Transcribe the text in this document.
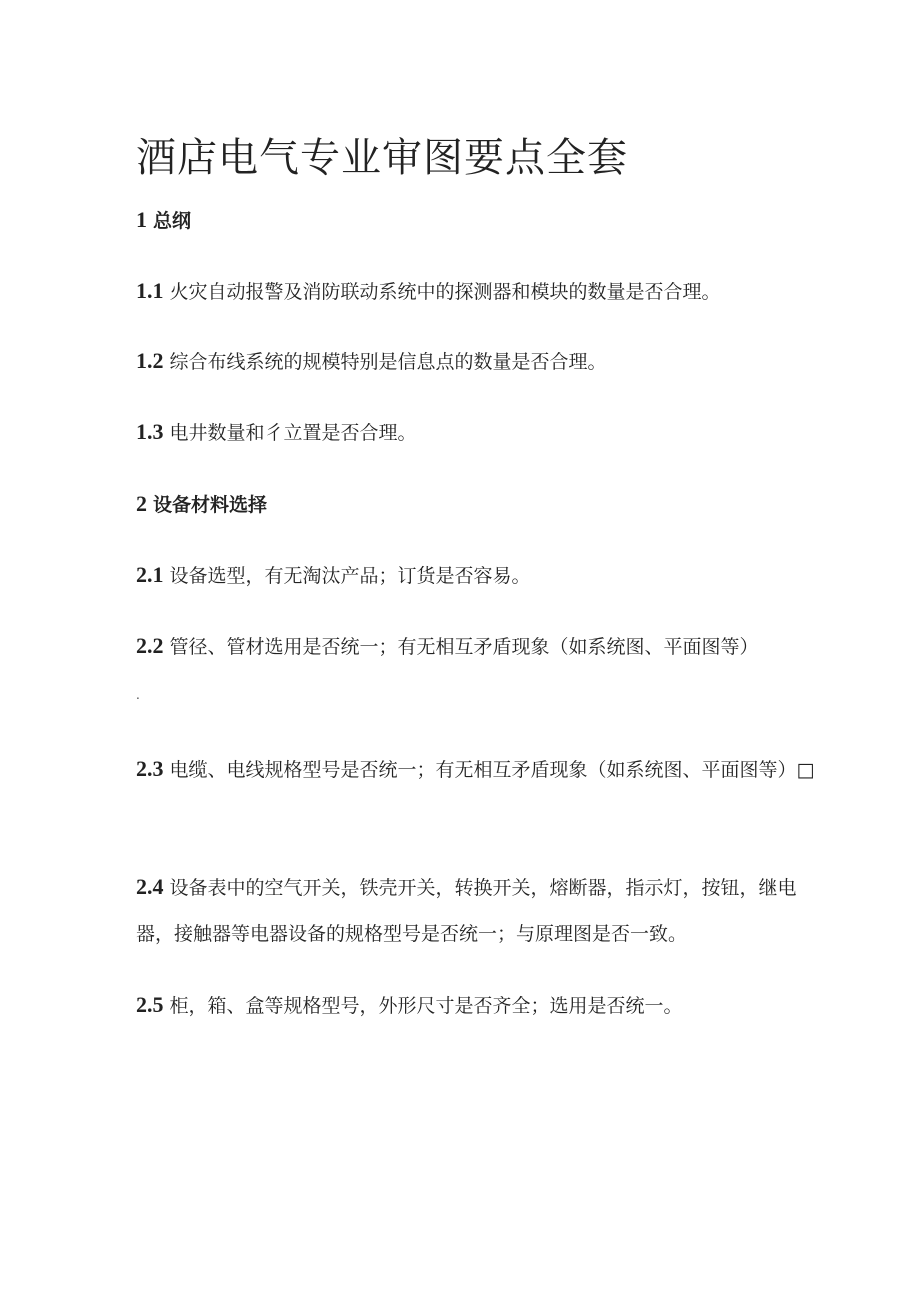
酒店电气专业审图要点全套
1 总纲
1.1 火灾自动报警及消防联动系统中的探测器和模块的数量是否合理。
1.2 综合布线系统的规模特别是信息点的数量是否合理。
1.3 电井数量和彳立置是否合理。
2 设备材料选择
2.1 设备选型，有无淘汰产品；订货是否容易。
2.2 管径、管材选用是否统一；有无相互矛盾现象（如系统图、平面图等）
.
2.3 电缆、电线规格型号是否统一；有无相互矛盾现象（如系统图、平面图等）□
2.4 设备表中的空气开关，铁壳开关，转换开关，熔断器，指示灯，按钮，继电器，接触器等电器设备的规格型号是否统一；与原理图是否一致。
2.5 柜，箱、盒等规格型号，外形尺寸是否齐全；选用是否统一。
